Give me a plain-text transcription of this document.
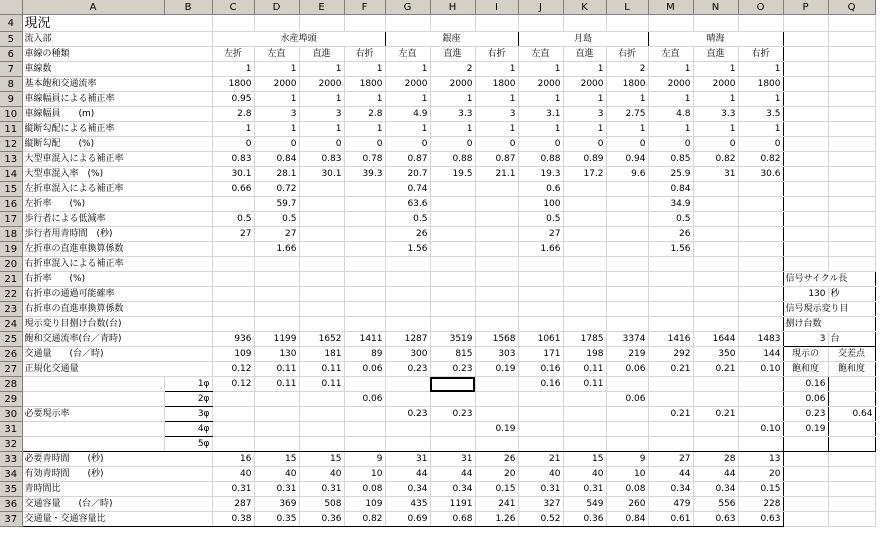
	A	B	C	D	E	F	G	H	I	J	K	L	M	N	O	P	Q
4	現況																
5	流入部		水産埠頭				銀座			月島			晴海				
6	車線の種類		左折	左直	直進	右折	左直	直進	右折	左直	直進	右折	左直	直進	右折		
7	車線数		1	1	1	1	1	2	1	1	1	2	1	1	1		
8	基本飽和交通流率		1800	2000	2000	1800	2000	2000	1800	2000	2000	1800	2000	2000	1800		
9	車線幅員による補正率		0.95	1	1	1	1	1	1	1	1	1	1	1	1		
10	車線幅員　　(m)		2.8	3	3	2.8	4.9	3.3	3	3.1	3	2.75	4.8	3.3	3.5		
11	縦断勾配による補正率		1	1	1	1	1	1	1	1	1	1	1	1	1		
12	縦断勾配　　(%)		0	0	0	0	0	0	0	0	0	0	0	0	0		
13	大型車混入による補正率		0.83	0.84	0.83	0.78	0.87	0.88	0.87	0.88	0.89	0.94	0.85	0.82	0.82		
14	大型車混入率　(%)		30.1	28.1	30.1	39.3	20.7	19.5	21.1	19.3	17.2	9.6	25.9	31	30.6		
15	左折車混入による補正率		0.66	0.72			0.74			0.6			0.84				
16	左折率　　(%)			59.7			63.6			100			34.9				
17	歩行者による低減率		0.5	0.5			0.5			0.5			0.5				
18	歩行者用青時間　(秒)		27	27			26			27			26				
19	左折車の直進車換算係数			1.66			1.56			1.66			1.56				
20	右折車混入による補正率																
21	右折率　　(%)															信号サイクル長	
22	右折車の通過可能確率															130	秒
23	右折車の直進車換算係数															信号現示変り目	
24	現示変り目捌け台数(台)															捌け台数	
25	飽和交通流率(台／青時)		936	1199	1652	1411	1287	3519	1568	1061	1785	3374	1416	1644	1483	3	台
26	交通量　　(台／時)		109	130	181	89	300	815	303	171	198	219	292	350	144	現示の	交差点
27	正規化交通量		0.12	0.11	0.11	0.06	0.23	0.23	0.19	0.16	0.11	0.06	0.21	0.21	0.10	飽和度	飽和度
28		1φ	0.12	0.11	0.11					0.16	0.11					0.16	
29		2φ				0.06						0.06				0.06	
30	必要現示率	3φ					0.23	0.23					0.21	0.21		0.23	0.64
31		4φ							0.19						0.10	0.19	
32		5φ															
33	必要青時間　　(秒)		16	15	15	9	31	31	26	21	15	9	27	28	13		
34	有効青時間　　(秒)		40	40	40	10	44	44	20	40	40	10	44	44	20		
35	青時間比		0.31	0.31	0.31	0.08	0.34	0.34	0.15	0.31	0.31	0.08	0.34	0.34	0.15		
36	交通容量　　(台／時)		287	369	508	109	435	1191	241	327	549	260	479	556	228		
37	交通量・交通容量比		0.38	0.35	0.36	0.82	0.69	0.68	1.26	0.52	0.36	0.84	0.61	0.63	0.63		
